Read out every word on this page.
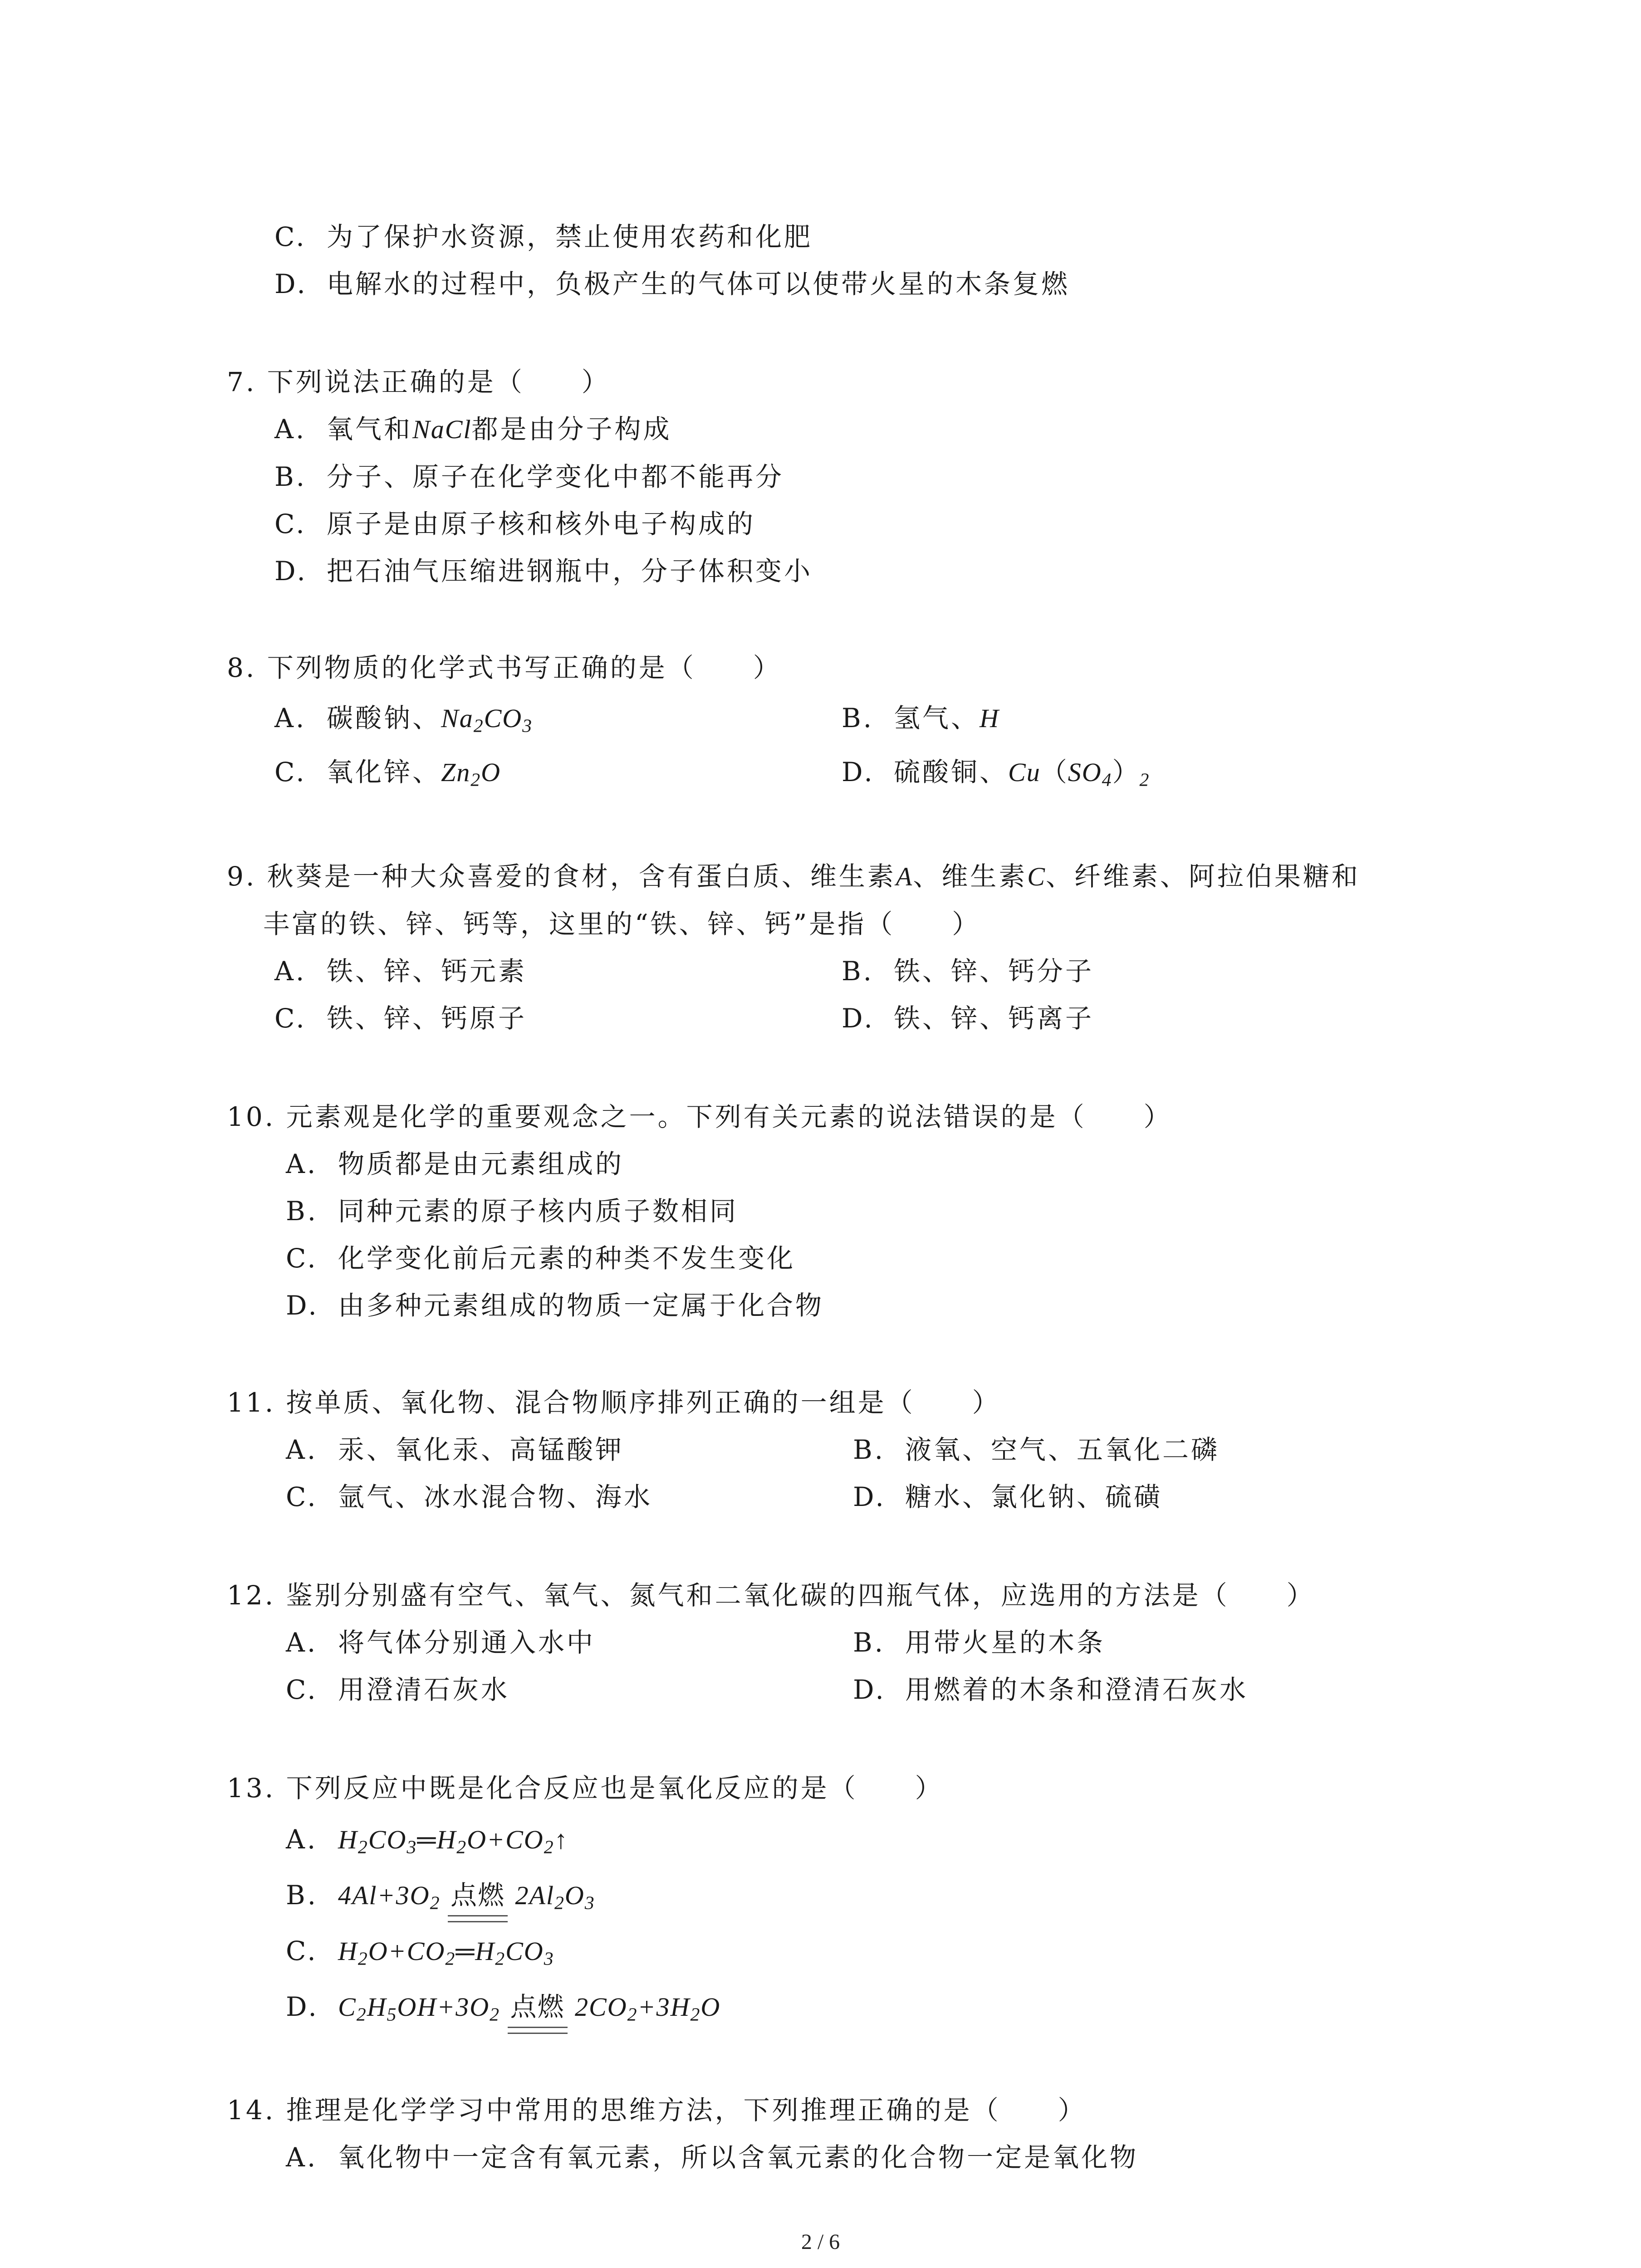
C. 为了保护水资源，禁止使用农药和化肥
D. 电解水的过程中，负极产生的气体可以使带火星的木条复燃
7. 下列说法正确的是（　　）
A. 氧气和NaCl都是由分子构成
B. 分子、原子在化学变化中都不能再分
C. 原子是由原子核和核外电子构成的
D. 把石油气压缩进钢瓶中，分子体积变小
8. 下列物质的化学式书写正确的是（　　）
A. 碳酸钠、$Na_2CO_3$	B. 氢气、H
C. 氧化锌、$Zn_2O$	D. 硫酸铜、$Cu(SO_4)_2$
9. 秋葵是一种大众喜爱的食材，含有蛋白质、维生素A、维生素C、纤维素、阿拉伯果糖和
丰富的铁、锌、钙等，这里的“铁、锌、钙”是指（　　）
A. 铁、锌、钙元素	B. 铁、锌、钙分子
C. 铁、锌、钙原子	D. 铁、锌、钙离子
10. 元素观是化学的重要观念之一。下列有关元素的说法错误的是（　　）
A. 物质都是由元素组成的
B. 同种元素的原子核内质子数相同
C. 化学变化前后元素的种类不发生变化
D. 由多种元素组成的物质一定属于化合物
11. 按单质、氧化物、混合物顺序排列正确的一组是（　　）
A. 汞、氧化汞、高锰酸钾	B. 液氧、空气、五氧化二磷
C. 氩气、冰水混合物、海水	D. 糖水、氯化钠、硫磺
12. 鉴别分别盛有空气、氧气、氮气和二氧化碳的四瓶气体，应选用的方法是（　　）
A. 将气体分别通入水中	B. 用带火星的木条
C. 用澄清石灰水	D. 用燃着的木条和澄清石灰水
13. 下列反应中既是化合反应也是氧化反应的是（　　）
A. $H_2CO_3═H_2O+CO_2↑$
B. $4Al+3O_2$ 点燃 $2Al_2O_3$
C. $H_2O+CO_2═H_2CO_3$
D. $C_2H_5OH+3O_2$ 点燃 $2CO_2+3H_2O$
14. 推理是化学学习中常用的思维方法，下列推理正确的是（　　）
A. 氧化物中一定含有氧元素，所以含氧元素的化合物一定是氧化物
2 / 6
